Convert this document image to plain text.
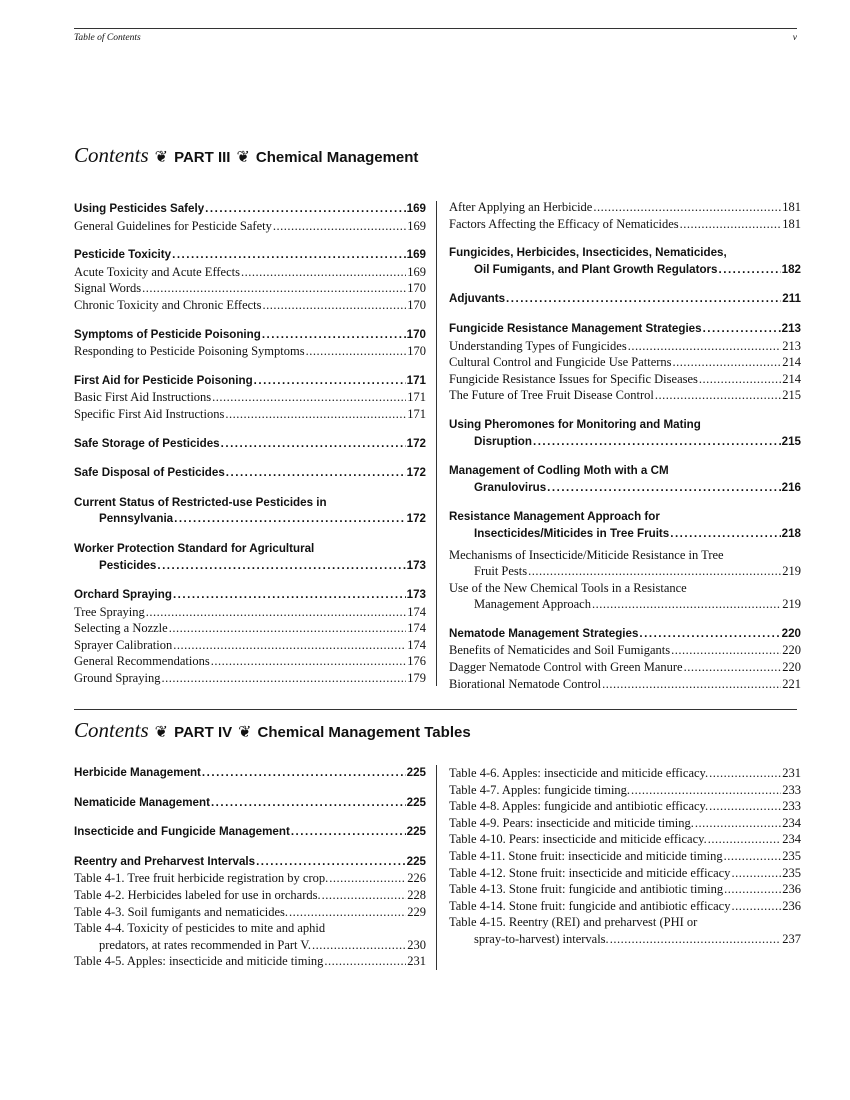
Table of Contents	v
Contents ❦ PART III ❦ Chemical Management
Using Pesticides Safely .....	169
General Guidelines for Pesticide Safety .....	169
Pesticide Toxicity .....	169
Acute Toxicity and Acute Effects .....	169
Signal Words .....	170
Chronic Toxicity and Chronic Effects .....	170
Symptoms of Pesticide Poisoning .....	170
Responding to Pesticide Poisoning Symptoms .....	170
First Aid for Pesticide Poisoning .....	171
Basic First Aid Instructions .....	171
Specific First Aid Instructions .....	171
Safe Storage of Pesticides .....	172
Safe Disposal of Pesticides .....	172
Current Status of Restricted-use Pesticides in
Pennsylvania .....	172
Worker Protection Standard for Agricultural
Pesticides .....	173
Orchard Spraying .....	173
Tree Spraying .....	174
Selecting a Nozzle .....	174
Sprayer Calibration .....	174
General Recommendations .....	176
Ground Spraying .....	179
After Applying an Herbicide .....	181
Factors Affecting the Efficacy of Nematicides .....	181
Fungicides, Herbicides, Insecticides, Nematicides,
Oil Fumigants, and Plant Growth Regulators .....	182
Adjuvants .....	211
Fungicide Resistance Management Strategies .....	213
Understanding Types of Fungicides .....	213
Cultural Control and Fungicide Use Patterns .....	214
Fungicide Resistance Issues for Specific Diseases .....	214
The Future of Tree Fruit Disease Control .....	215
Using Pheromones for Monitoring and Mating
Disruption .....	215
Management of Codling Moth with a CM
Granulovirus .....	216
Resistance Management Approach for
Insecticides/Miticides in Tree Fruits .....	218
Mechanisms of Insecticide/Miticide Resistance in Tree
Fruit Pests .....	219
Use of the New Chemical Tools in a Resistance
Management Approach .....	219
Nematode Management Strategies .....	220
Benefits of Nematicides and Soil Fumigants .....	220
Dagger Nematode Control with Green Manure .....	220
Biorational Nematode Control .....	221
Contents ❦ PART IV ❦ Chemical Management Tables
Herbicide Management .....	225
Nematicide Management .....	225
Insecticide and Fungicide Management .....	225
Reentry and Preharvest Intervals .....	225
Table 4-1. Tree fruit herbicide registration by crop. .....	226
Table 4-2. Herbicides labeled for use in orchards. .....	228
Table 4-3. Soil fumigants and nematicides. .....	229
Table 4-4. Toxicity of pesticides to mite and aphid
predators, at rates recommended in Part V. .....	230
Table 4-5. Apples: insecticide and miticide timing .....	231
Table 4-6. Apples: insecticide and miticide efficacy. .....	231
Table 4-7. Apples: fungicide timing. .....	233
Table 4-8. Apples: fungicide and antibiotic efficacy. .....	233
Table 4-9. Pears: insecticide and miticide timing. .....	234
Table 4-10. Pears: insecticide and miticide efficacy. .....	234
Table 4-11. Stone fruit: insecticide and miticide timing .....	235
Table 4-12. Stone fruit: insecticide and miticide efficacy .....	235
Table 4-13. Stone fruit: fungicide and antibiotic timing .....	236
Table 4-14. Stone fruit: fungicide and antibiotic efficacy .....	236
Table 4-15. Reentry (REI) and preharvest (PHI or
spray-to-harvest) intervals. .....	237
